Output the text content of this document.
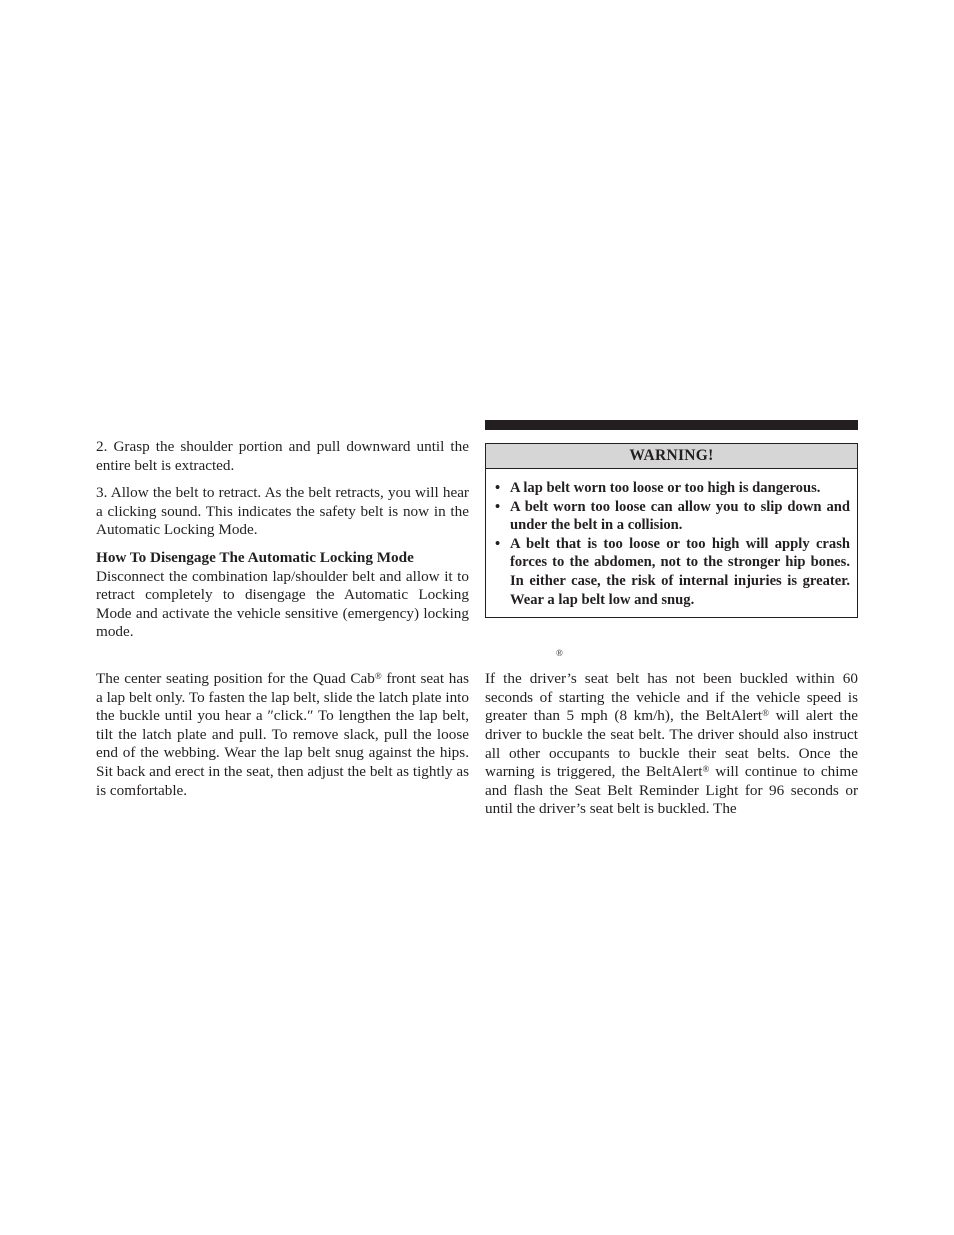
2. Grasp the shoulder portion and pull downward until the entire belt is extracted.

3. Allow the belt to retract. As the belt retracts, you will hear a clicking sound. This indicates the safety belt is now in the Automatic Locking Mode.

How To Disengage The Automatic Locking Mode

Disconnect the combination lap/shoulder belt and allow it to retract completely to disengage the Automatic Locking Mode and activate the vehicle sensitive (emergency) locking mode.

The center seating position for the Quad Cab® front seat has a lap belt only. To fasten the lap belt, slide the latch plate into the buckle until you hear a ″click.″ To lengthen the lap belt, tilt the latch plate and pull. To remove slack, pull the loose end of the webbing. Wear the lap belt snug against the hips. Sit back and erect in the seat, then adjust the belt as tightly as is comfortable.

WARNING!
• A lap belt worn too loose or too high is dangerous.
• A belt worn too loose can allow you to slip down and under the belt in a collision.
• A belt that is too loose or too high will apply crash forces to the abdomen, not to the stronger hip bones. In either case, the risk of internal injuries is greater. Wear a lap belt low and snug.
®

If the driver’s seat belt has not been buckled within 60 seconds of starting the vehicle and if the vehicle speed is greater than 5 mph (8 km/h), the BeltAlert® will alert the driver to buckle the seat belt. The driver should also instruct all other occupants to buckle their seat belts. Once the warning is triggered, the BeltAlert® will continue to chime and flash the Seat Belt Reminder Light for 96 seconds or until the driver’s seat belt is buckled. The
